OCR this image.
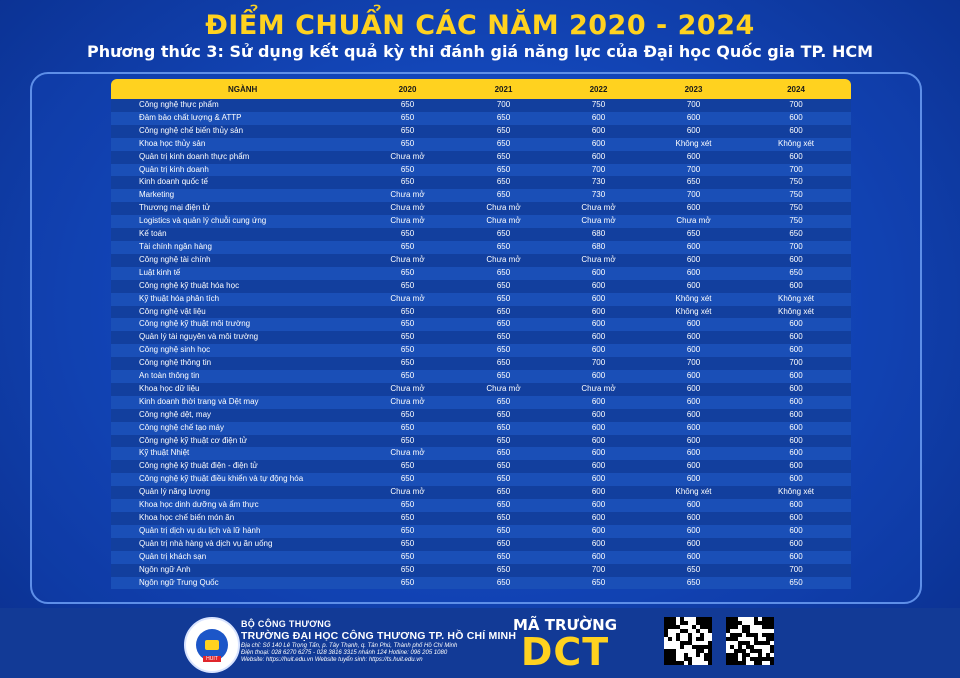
ĐIỂM CHUẨN CÁC NĂM 2020 - 2024
Phương thức 3: Sử dụng kết quả kỳ thi đánh giá năng lực của Đại học Quốc gia TP. HCM
NGÀNH	2020	2021	2022	2023	2024
Công nghệ thực phẩm	650	700	750	700	700
Đảm bảo chất lượng & ATTP	650	650	600	600	600
Công nghệ chế biến thủy sản	650	650	600	600	600
Khoa học thủy sản	650	650	600	Không xét	Không xét
Quản trị kinh doanh thực phẩm	Chưa mở	650	600	600	600
Quản trị kinh doanh	650	650	700	700	700
Kinh doanh quốc tế	650	650	730	650	750
Marketing	Chưa mở	650	730	700	750
Thương mại điện tử	Chưa mở	Chưa mở	Chưa mở	600	750
Logistics và quản lý chuỗi cung ứng	Chưa mở	Chưa mở	Chưa mở	Chưa mở	750
Kế toán	650	650	680	650	650
Tài chính ngân hàng	650	650	680	600	700
Công nghệ tài chính	Chưa mở	Chưa mở	Chưa mở	600	600
Luật kinh tế	650	650	600	600	650
Công nghệ kỹ thuật hóa học	650	650	600	600	600
Kỹ thuật hóa phân tích	Chưa mở	650	600	Không xét	Không xét
Công nghệ vật liệu	650	650	600	Không xét	Không xét
Công nghệ kỹ thuật môi trường	650	650	600	600	600
Quản lý tài nguyên và môi trường	650	650	600	600	600
Công nghệ sinh học	650	650	600	600	600
Công nghệ thông tin	650	650	700	700	700
An toàn thông tin	650	650	600	600	600
Khoa học dữ liệu	Chưa mở	Chưa mở	Chưa mở	600	600
Kinh doanh thời trang và Dệt may	Chưa mở	650	600	600	600
Công nghệ dệt, may	650	650	600	600	600
Công nghệ chế tạo máy	650	650	600	600	600
Công nghệ kỹ thuật cơ điện tử	650	650	600	600	600
Kỹ thuật Nhiệt	Chưa mở	650	600	600	600
Công nghệ kỹ thuật điện - điện tử	650	650	600	600	600
Công nghệ kỹ thuật điều khiển và tự động hóa	650	650	600	600	600
Quản lý năng lượng	Chưa mở	650	600	Không xét	Không xét
Khoa học dinh dưỡng và ẩm thực	650	650	600	600	600
Khoa học chế biến món ăn	650	650	600	600	600
Quản trị dịch vụ du lịch và lữ hành	650	650	600	600	600
Quản trị nhà hàng và dịch vụ ăn uống	650	650	600	600	600
Quản trị khách sạn	650	650	600	600	600
Ngôn ngữ Anh	650	650	700	650	700
Ngôn ngữ Trung Quốc	650	650	650	650	650
HUIT
BỘ CÔNG THƯƠNG
TRƯỜNG ĐẠI HỌC CÔNG THƯƠNG TP. HỒ CHÍ MINH
Địa chỉ: Số 140 Lê Trọng Tấn, p. Tây Thạnh, q. Tân Phú, Thành phố Hồ Chí Minh
Điện thoại: 028 6270 6275 - 028 3816 3315 nhánh 124 Hotline: 096 205 1080
Website: https://huit.edu.vn Website tuyển sinh: https://ts.huit.edu.vn
MÃ TRƯỜNG
DCT
